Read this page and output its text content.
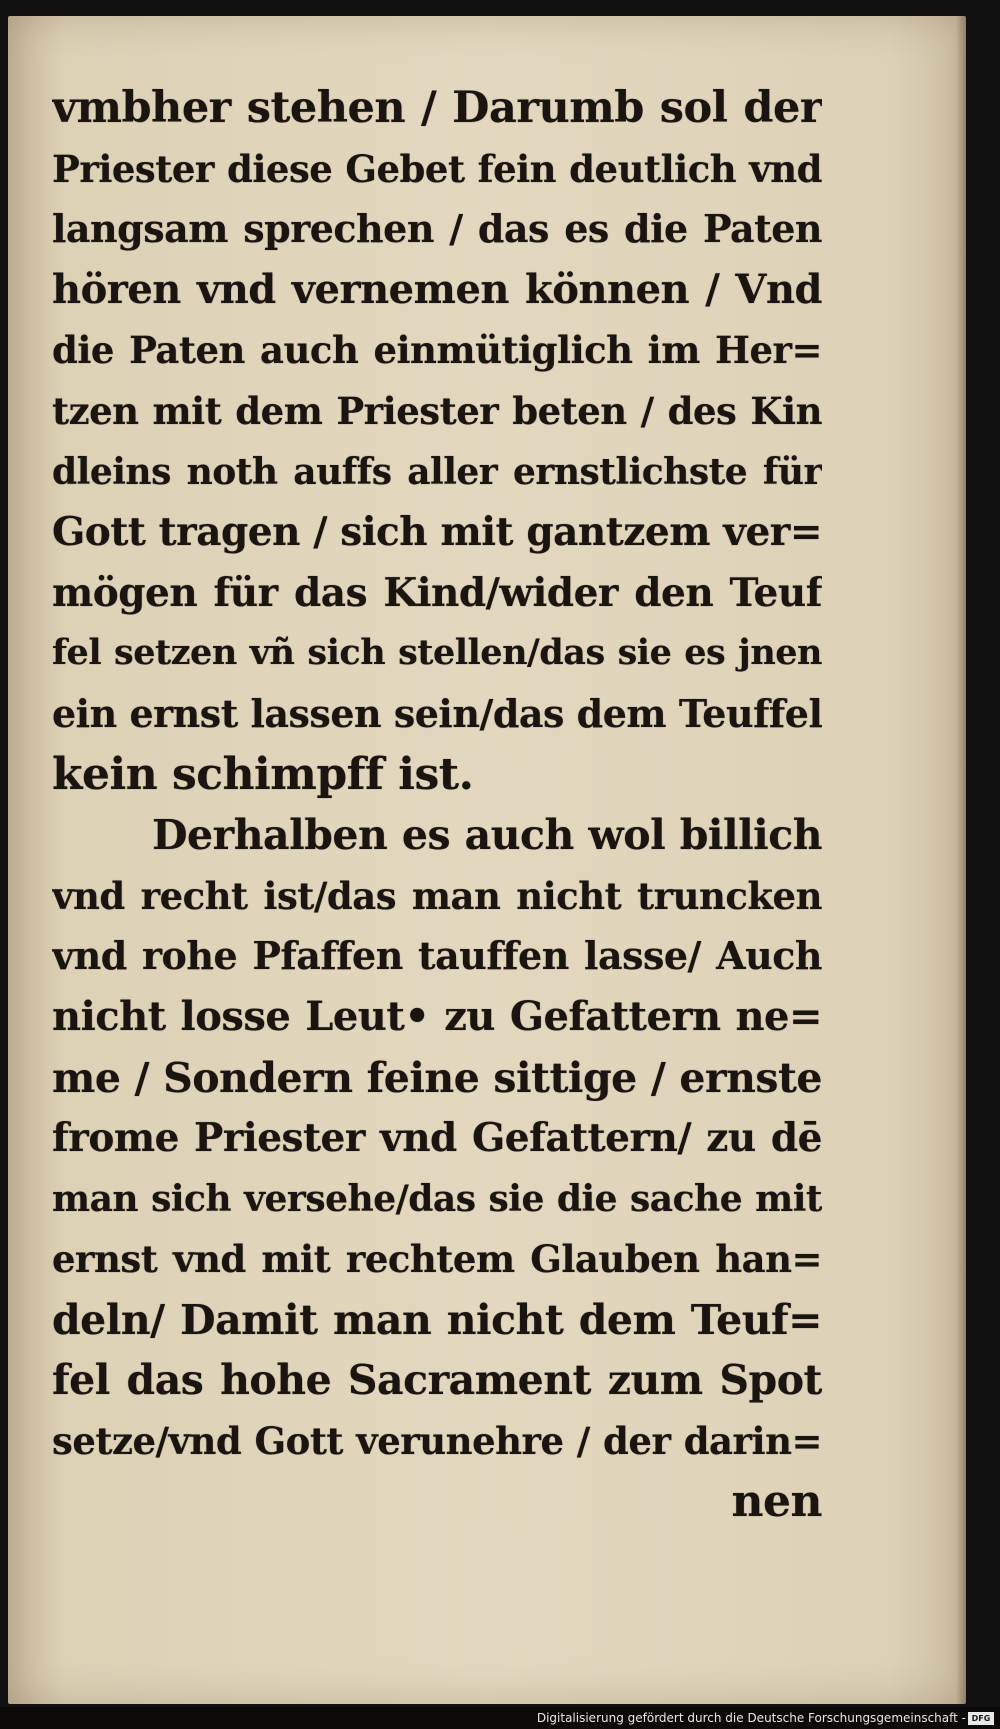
vmbher stehen / Darumb sol der
Priester diese Gebet fein deutlich vnd
langsam sprechen / das es die Paten
hören vnd vernemen können / Vnd
die Paten auch einmütiglich im Her=
tzen mit dem Priester beten / des Kin
dleins noth auffs aller ernstlichste für
Gott tragen / sich mit gantzem ver=
mögen für das Kind/wider den Teuf
fel setzen vñ sich stellen/das sie es jnen
ein ernst lassen sein/das dem Teuffel
kein schimpff ist.
Derhalben es auch wol billich
vnd recht ist/das man nicht truncken
vnd rohe Pfaffen tauffen lasse/ Auch
nicht losse Leut• zu Gefattern ne=
me / Sondern feine sittige / ernste
frome Priester vnd Gefattern/ zu dē
man sich versehe/das sie die sache mit
ernst vnd mit rechtem Glauben han=
deln/ Damit man nicht dem Teuf=
fel das hohe Sacrament zum Spot
setze/vnd Gott verunehre / der darin=
nen
Digitalisierung gefördert durch die Deutsche Forschungsgemeinschaft - DFG
